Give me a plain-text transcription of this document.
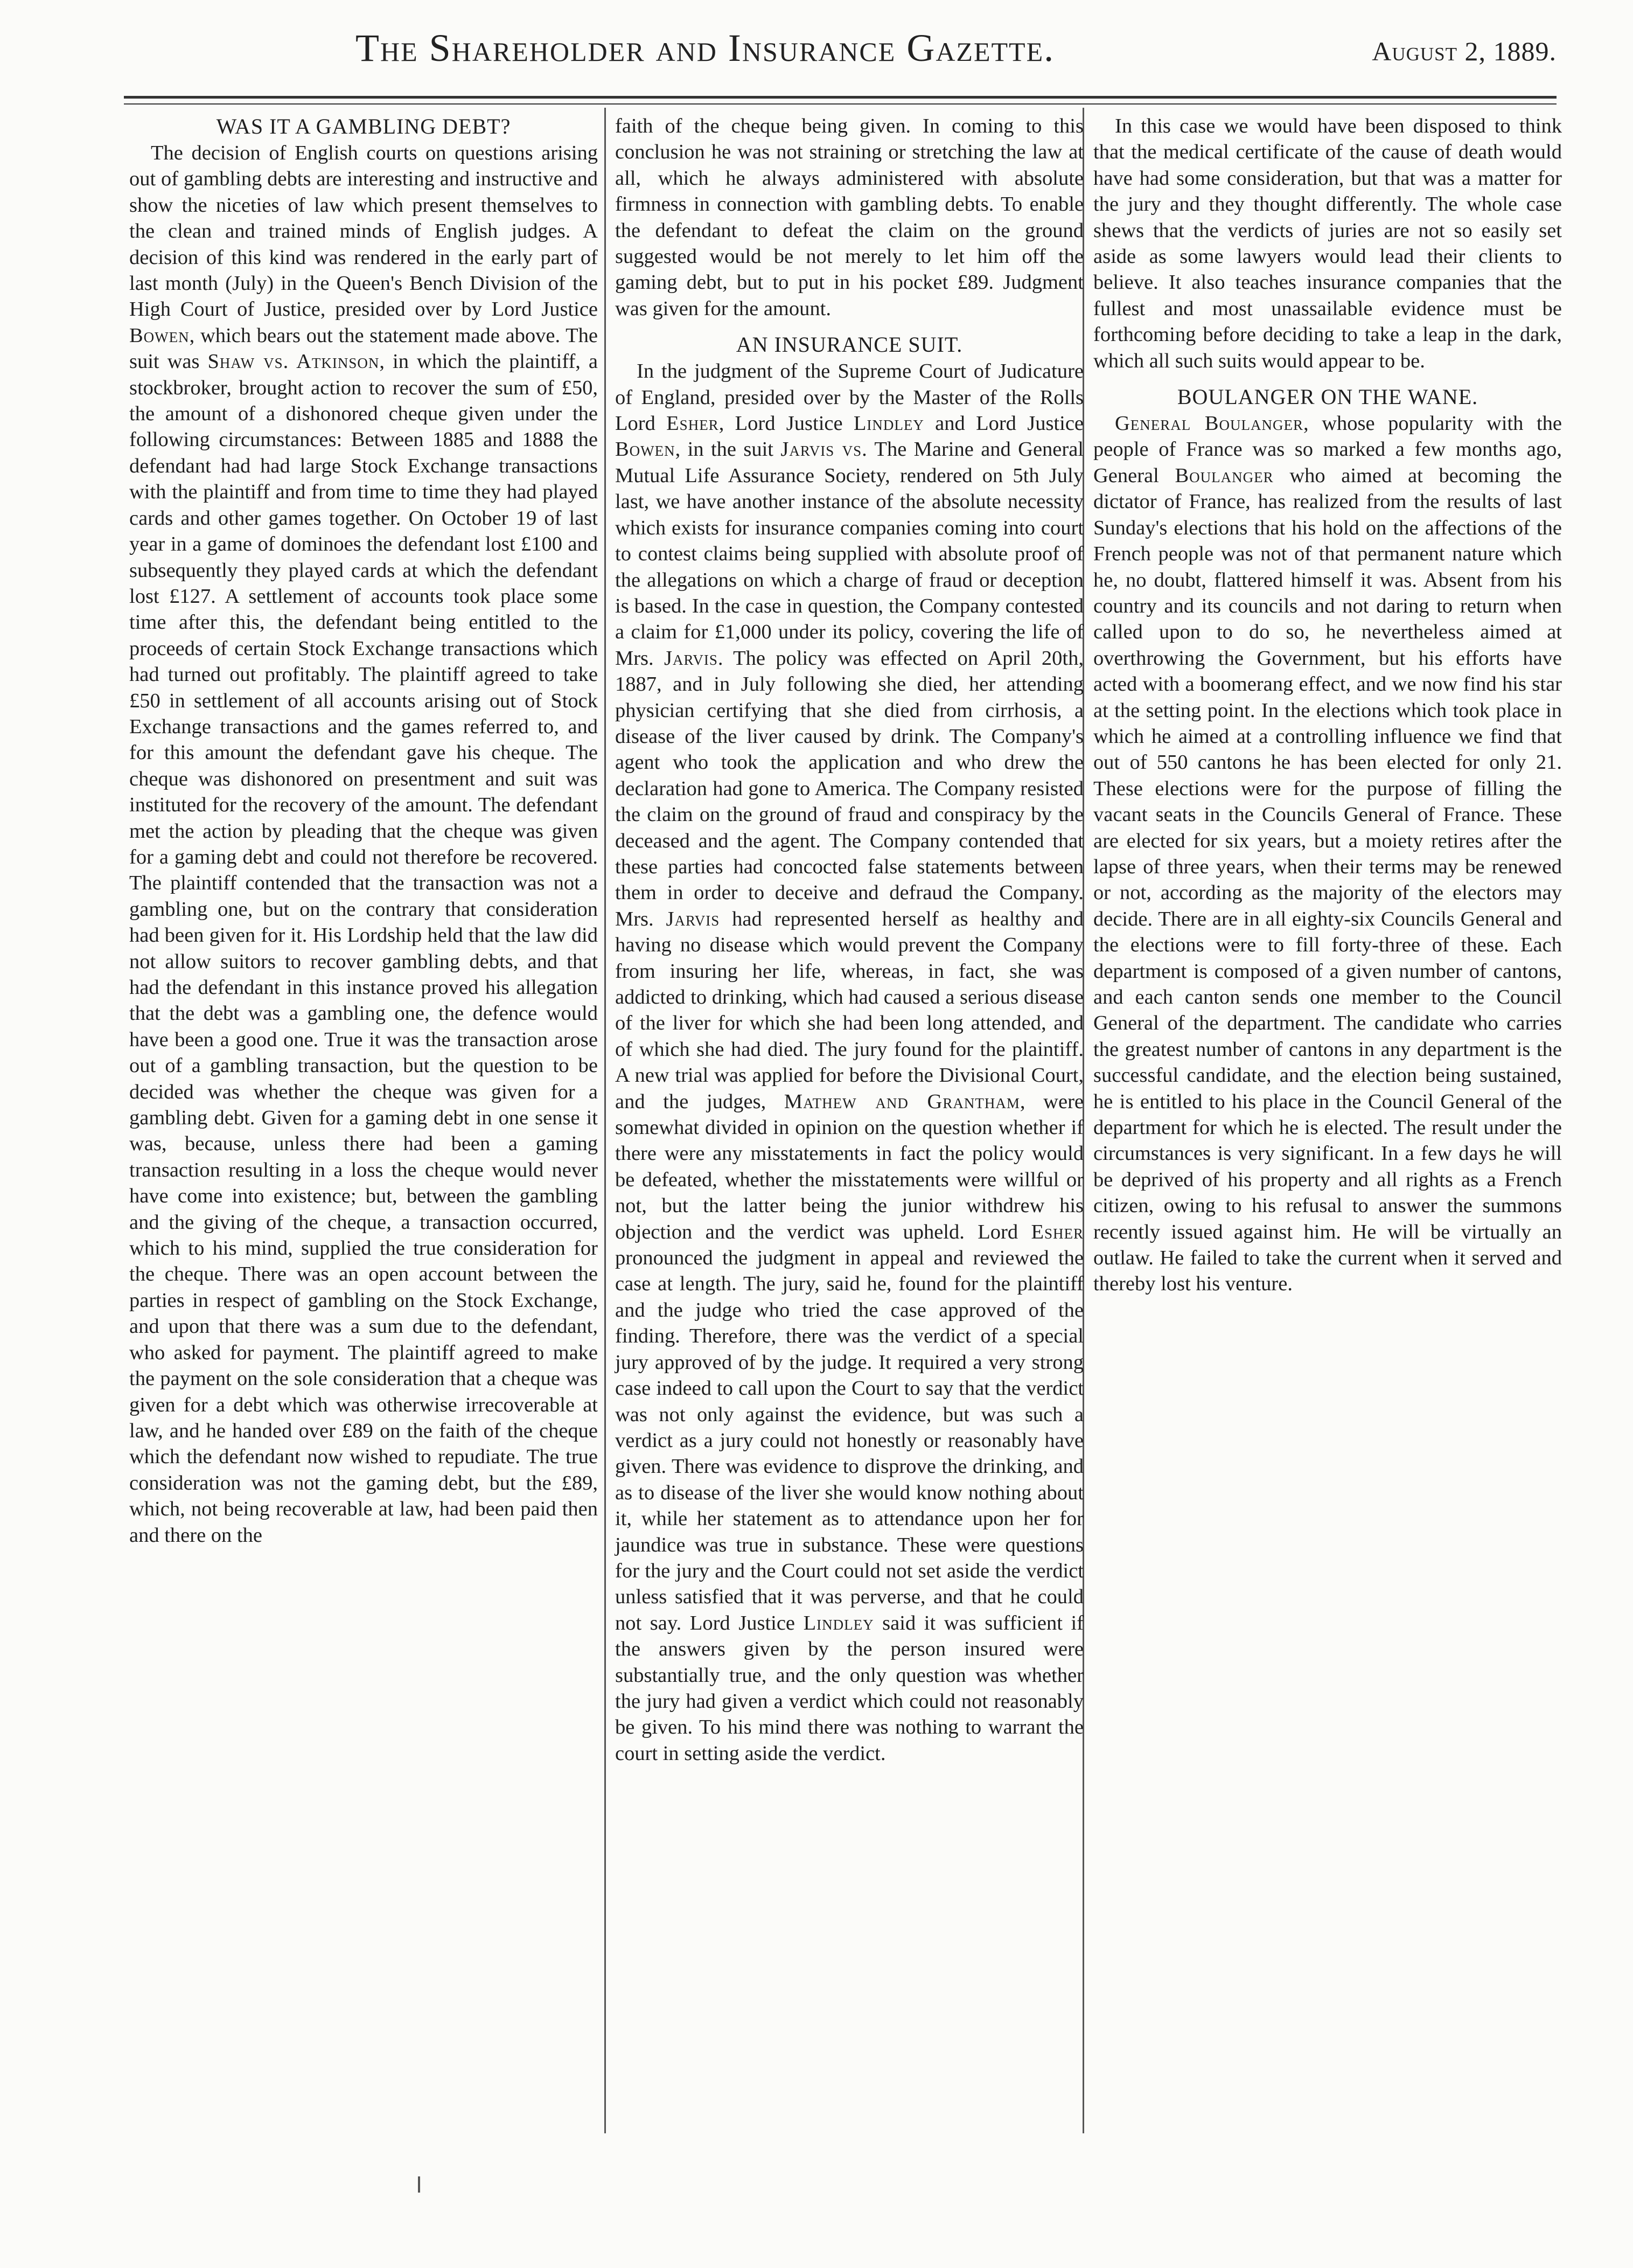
The Shareholder and Insurance Gazette.	August 2, 1889.
WAS IT A GAMBLING DEBT?

The decision of English courts on questions arising out of gambling debts are interesting and instructive and show the niceties of law which present themselves to the clean and trained minds of English judges. A decision of this kind was rendered in the early part of last month (July) in the Queen's Bench Division of the High Court of Justice, presided over by Lord Justice Bowen, which bears out the statement made above. The suit was Shaw vs. Atkinson, in which the plaintiff, a stockbroker, brought action to recover the sum of £50, the amount of a dishonored cheque given under the following circumstances: Between 1885 and 1888 the defendant had had large Stock Exchange transactions with the plaintiff and from time to time they had played cards and other games together. On October 19 of last year in a game of dominoes the defendant lost £100 and subsequently they played cards at which the defendant lost £127. A settlement of accounts took place some time after this, the defendant being entitled to the proceeds of certain Stock Exchange transactions which had turned out profitably. The plaintiff agreed to take £50 in settlement of all accounts arising out of Stock Exchange transactions and the games referred to, and for this amount the defendant gave his cheque. The cheque was dishonored on presentment and suit was instituted for the recovery of the amount. The defendant met the action by pleading that the cheque was given for a gaming debt and could not therefore be recovered. The plaintiff contended that the transaction was not a gambling one, but on the contrary that consideration had been given for it. His Lordship held that the law did not allow suitors to recover gambling debts, and that had the defendant in this instance proved his allegation that the debt was a gambling one, the defence would have been a good one. True it was the transaction arose out of a gambling transaction, but the question to be decided was whether the cheque was given for a gambling debt. Given for a gaming debt in one sense it was, because, unless there had been a gaming transaction resulting in a loss the cheque would never have come into existence; but, between the gambling and the giving of the cheque, a transaction occurred, which to his mind, supplied the true consideration for the cheque. There was an open account between the parties in respect of gambling on the Stock Exchange, and upon that there was a sum due to the defendant, who asked for payment. The plaintiff agreed to make the payment on the sole consideration that a cheque was given for a debt which was otherwise irrecoverable at law, and he handed over £89 on the faith of the cheque which the defendant now wished to repudiate. The true consideration was not the gaming debt, but the £89, which, not being recoverable at law, had been paid then and there on the

faith of the cheque being given. In coming to this conclusion he was not straining or stretching the law at all, which he always administered with absolute firmness in connection with gambling debts. To enable the defendant to defeat the claim on the ground suggested would be not merely to let him off the gaming debt, but to put in his pocket £89. Judgment was given for the amount.

AN INSURANCE SUIT.

In the judgment of the Supreme Court of Judicature of England, presided over by the Master of the Rolls Lord Esher, Lord Justice Lindley and Lord Justice Bowen, in the suit Jarvis vs. The Marine and General Mutual Life Assurance Society, rendered on 5th July last, we have another instance of the absolute necessity which exists for insurance companies coming into court to contest claims being supplied with absolute proof of the allegations on which a charge of fraud or deception is based. In the case in question, the Company contested a claim for £1,000 under its policy, covering the life of Mrs. Jarvis. The policy was effected on April 20th, 1887, and in July following she died, her attending physician certifying that she died from cirrhosis, a disease of the liver caused by drink. The Company's agent who took the application and who drew the declaration had gone to America. The Company resisted the claim on the ground of fraud and conspiracy by the deceased and the agent. The Company contended that these parties had concocted false statements between them in order to deceive and defraud the Company. Mrs. Jarvis had represented herself as healthy and having no disease which would prevent the Company from insuring her life, whereas, in fact, she was addicted to drinking, which had caused a serious disease of the liver for which she had been long attended, and of which she had died. The jury found for the plaintiff. A new trial was applied for before the Divisional Court, and the judges, Mathew and Grantham, were somewhat divided in opinion on the question whether if there were any misstatements in fact the policy would be defeated, whether the misstatements were willful or not, but the latter being the junior withdrew his objection and the verdict was upheld. Lord Esher pronounced the judgment in appeal and reviewed the case at length. The jury, said he, found for the plaintiff and the judge who tried the case approved of the finding. Therefore, there was the verdict of a special jury approved of by the judge. It required a very strong case indeed to call upon the Court to say that the verdict was not only against the evidence, but was such a verdict as a jury could not honestly or reasonably have given. There was evidence to disprove the drinking, and as to disease of the liver she would know nothing about it, while her statement as to attendance upon her for jaundice was true in substance. These were questions for the jury and the Court could not set aside the verdict unless satisfied that it was perverse, and that he could not say. Lord Justice Lindley said it was sufficient if the answers given by the person insured were substantially true, and the only question was whether the jury had given a verdict which could not reasonably be given. To his mind there was nothing to warrant the court in setting aside the verdict.

In this case we would have been disposed to think that the medical certificate of the cause of death would have had some consideration, but that was a matter for the jury and they thought differently. The whole case shews that the verdicts of juries are not so easily set aside as some lawyers would lead their clients to believe. It also teaches insurance companies that the fullest and most unassailable evidence must be forthcoming before deciding to take a leap in the dark, which all such suits would appear to be.

BOULANGER ON THE WANE.

General Boulanger, whose popularity with the people of France was so marked a few months ago, General Boulanger who aimed at becoming the dictator of France, has realized from the results of last Sunday's elections that his hold on the affections of the French people was not of that permanent nature which he, no doubt, flattered himself it was. Absent from his country and its councils and not daring to return when called upon to do so, he nevertheless aimed at overthrowing the Government, but his efforts have acted with a boomerang effect, and we now find his star at the setting point. In the elections which took place in which he aimed at a controlling influence we find that out of 550 cantons he has been elected for only 21. These elections were for the purpose of filling the vacant seats in the Councils General of France. These are elected for six years, but a moiety retires after the lapse of three years, when their terms may be renewed or not, according as the majority of the electors may decide. There are in all eighty-six Councils General and the elections were to fill forty-three of these. Each department is composed of a given number of cantons, and each canton sends one member to the Council General of the department. The candidate who carries the greatest number of cantons in any department is the successful candidate, and the election being sustained, he is entitled to his place in the Council General of the department for which he is elected. The result under the circumstances is very significant. In a few days he will be deprived of his property and all rights as a French citizen, owing to his refusal to answer the summons recently issued against him. He will be virtually an outlaw. He failed to take the current when it served and thereby lost his venture.
